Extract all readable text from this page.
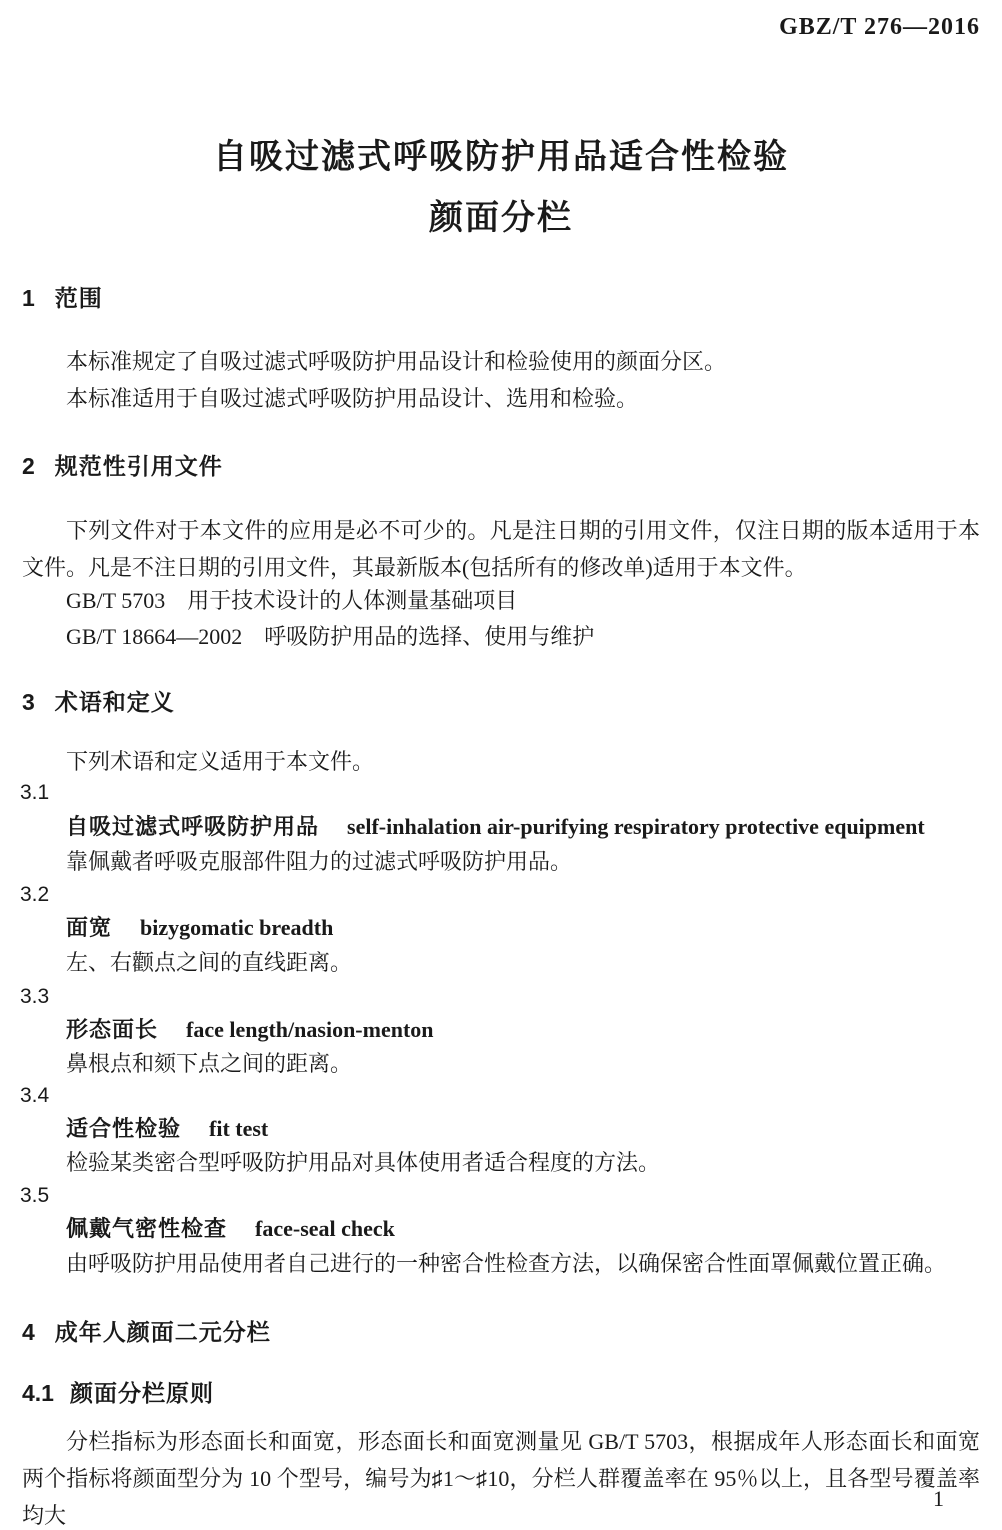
GBZ/T 276—2016
自吸过滤式呼吸防护用品适合性检验
颜面分栏
1 范围
本标准规定了自吸过滤式呼吸防护用品设计和检验使用的颜面分区。
本标准适用于自吸过滤式呼吸防护用品设计、选用和检验。
2 规范性引用文件
下列文件对于本文件的应用是必不可少的。凡是注日期的引用文件，仅注日期的版本适用于本文件。凡是不注日期的引用文件，其最新版本(包括所有的修改单)适用于本文件。
GB/T 5703　用于技术设计的人体测量基础项目
GB/T 18664—2002　呼吸防护用品的选择、使用与维护
3 术语和定义
下列术语和定义适用于本文件。
3.1
自吸过滤式呼吸防护用品 self-inhalation air-purifying respiratory protective equipment
靠佩戴者呼吸克服部件阻力的过滤式呼吸防护用品。
3.2
面宽 bizygomatic breadth
左、右颧点之间的直线距离。
3.3
形态面长 face length/nasion-menton
鼻根点和颏下点之间的距离。
3.4
适合性检验 fit test
检验某类密合型呼吸防护用品对具体使用者适合程度的方法。
3.5
佩戴气密性检查 face-seal check
由呼吸防护用品使用者自己进行的一种密合性检查方法，以确保密合性面罩佩戴位置正确。
4 成年人颜面二元分栏
4.1 颜面分栏原则
分栏指标为形态面长和面宽，形态面长和面宽测量见 GB/T 5703，根据成年人形态面长和面宽两个指标将颜面型分为 10 个型号，编号为♯1～♯10，分栏人群覆盖率在 95％以上，且各型号覆盖率均大
1
